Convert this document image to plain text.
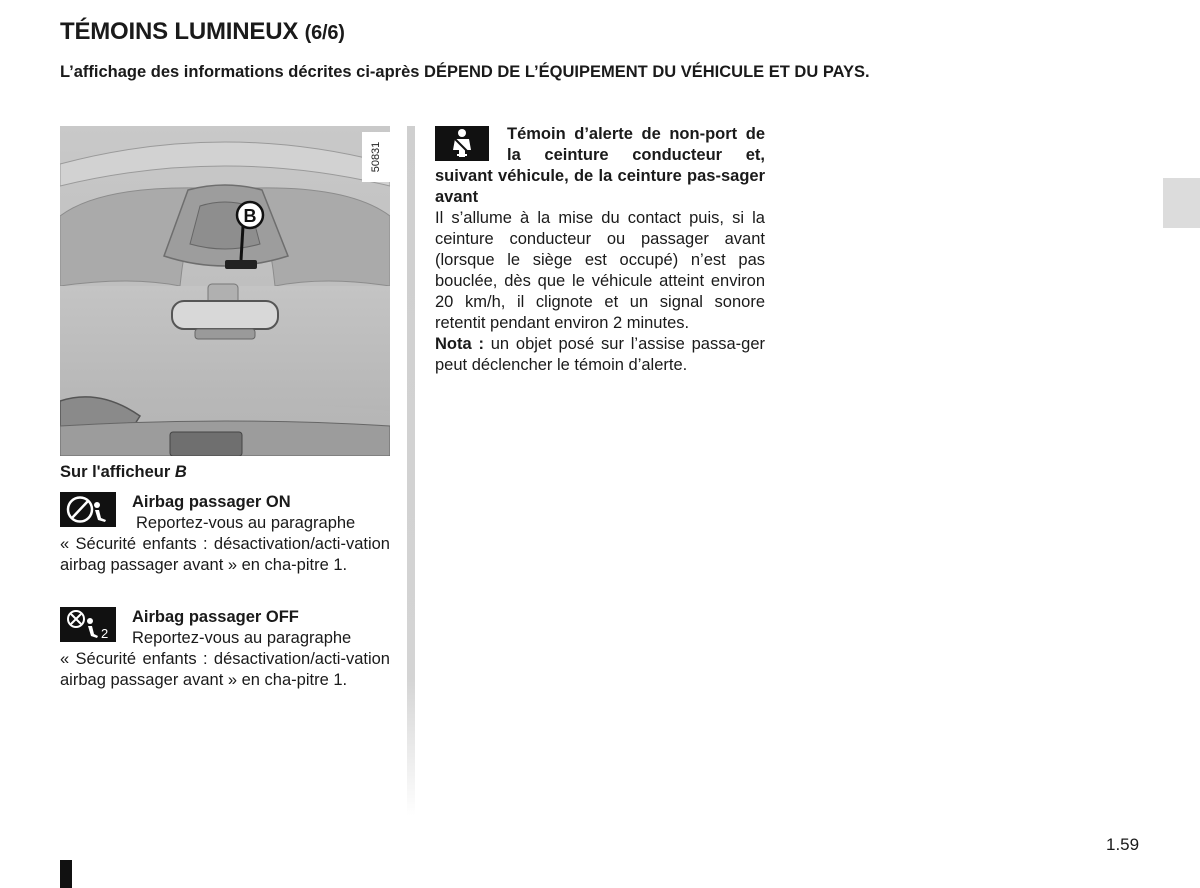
TÉMOINS LUMINEUX (6/6)

L’affichage des informations décrites ci-après DÉPEND DE L’ÉQUIPEMENT DU VÉHICULE ET DU PAYS.

B
50831

Sur l'afficheur B

Airbag passager ON
Reportez-vous au paragraphe
« Sécurité enfants : désactivation/acti-vation airbag passager avant » en cha-pitre 1.
2
Airbag passager OFF
Reportez-vous au paragraphe
« Sécurité enfants : désactivation/acti-vation airbag passager avant » en cha-pitre 1.
Témoin d’alerte de non-port de la ceinture conducteur et, suivant véhicule, de la ceinture pas-sager avant
Il s’allume à la mise du contact puis, si la ceinture conducteur ou passager avant (lorsque le siège est occupé) n’est pas bouclée, dès que le véhicule atteint environ 20 km/h, il clignote et un signal sonore retentit pendant environ 2 minutes.
Nota : un objet posé sur l’assise passa-ger peut déclencher le témoin d’alerte.

1.59
